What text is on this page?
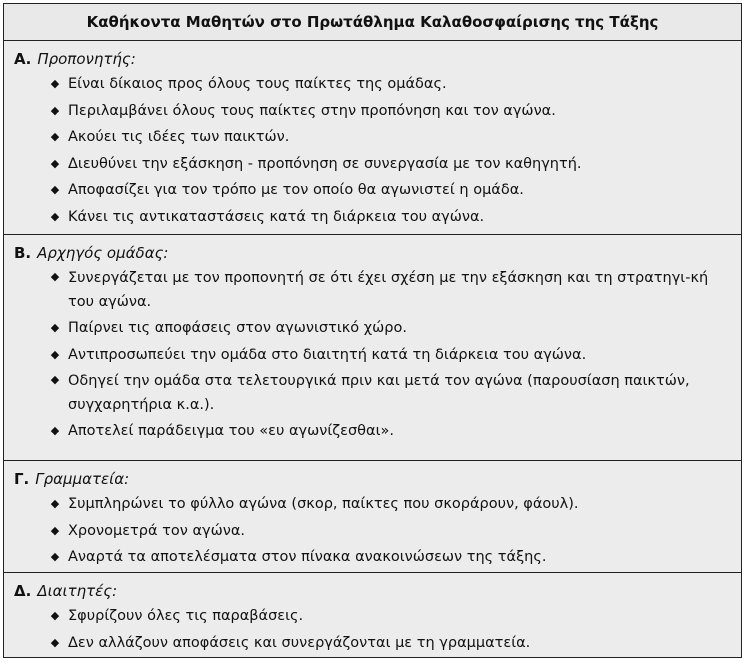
Καθήκοντα Μαθητών στο Πρωτάθλημα Καλαθοσφαίρισης της Τάξης
Α. Προπονητής:
◆ Είναι δίκαιος προς όλους τους παίκτες της ομάδας.
◆ Περιλαμβάνει όλους τους παίκτες στην προπόνηση και τον αγώνα.
◆ Ακούει τις ιδέες των παικτών.
◆ Διευθύνει την εξάσκηση - προπόνηση σε συνεργασία με τον καθηγητή.
◆ Αποφασίζει για τον τρόπο με τον οποίο θα αγωνιστεί η ομάδα.
◆ Κάνει τις αντικαταστάσεις κατά τη διάρκεια του αγώνα.
Β. Αρχηγός ομάδας:
◆ Συνεργάζεται με τον προπονητή σε ότι έχει σχέση με την εξάσκηση και τη στρατηγι-κή του αγώνα.
◆ Παίρνει τις αποφάσεις στον αγωνιστικό χώρο.
◆ Αντιπροσωπεύει την ομάδα στο διαιτητή κατά τη διάρκεια του αγώνα.
◆ Οδηγεί την ομάδα στα τελετουργικά πριν και μετά τον αγώνα (παρουσίαση παικτών, συγχαρητήρια κ.α.).
◆ Αποτελεί παράδειγμα του «ευ αγωνίζεσθαι».
Γ. Γραμματεία:
◆ Συμπληρώνει το φύλλο αγώνα (σκορ, παίκτες που σκοράρουν, φάουλ).
◆ Χρονομετρά τον αγώνα.
◆ Αναρτά τα αποτελέσματα στον πίνακα ανακοινώσεων της τάξης.
Δ. Διαιτητές:
◆ Σφυρίζουν όλες τις παραβάσεις.
◆ Δεν αλλάζουν αποφάσεις και συνεργάζονται με τη γραμματεία.
